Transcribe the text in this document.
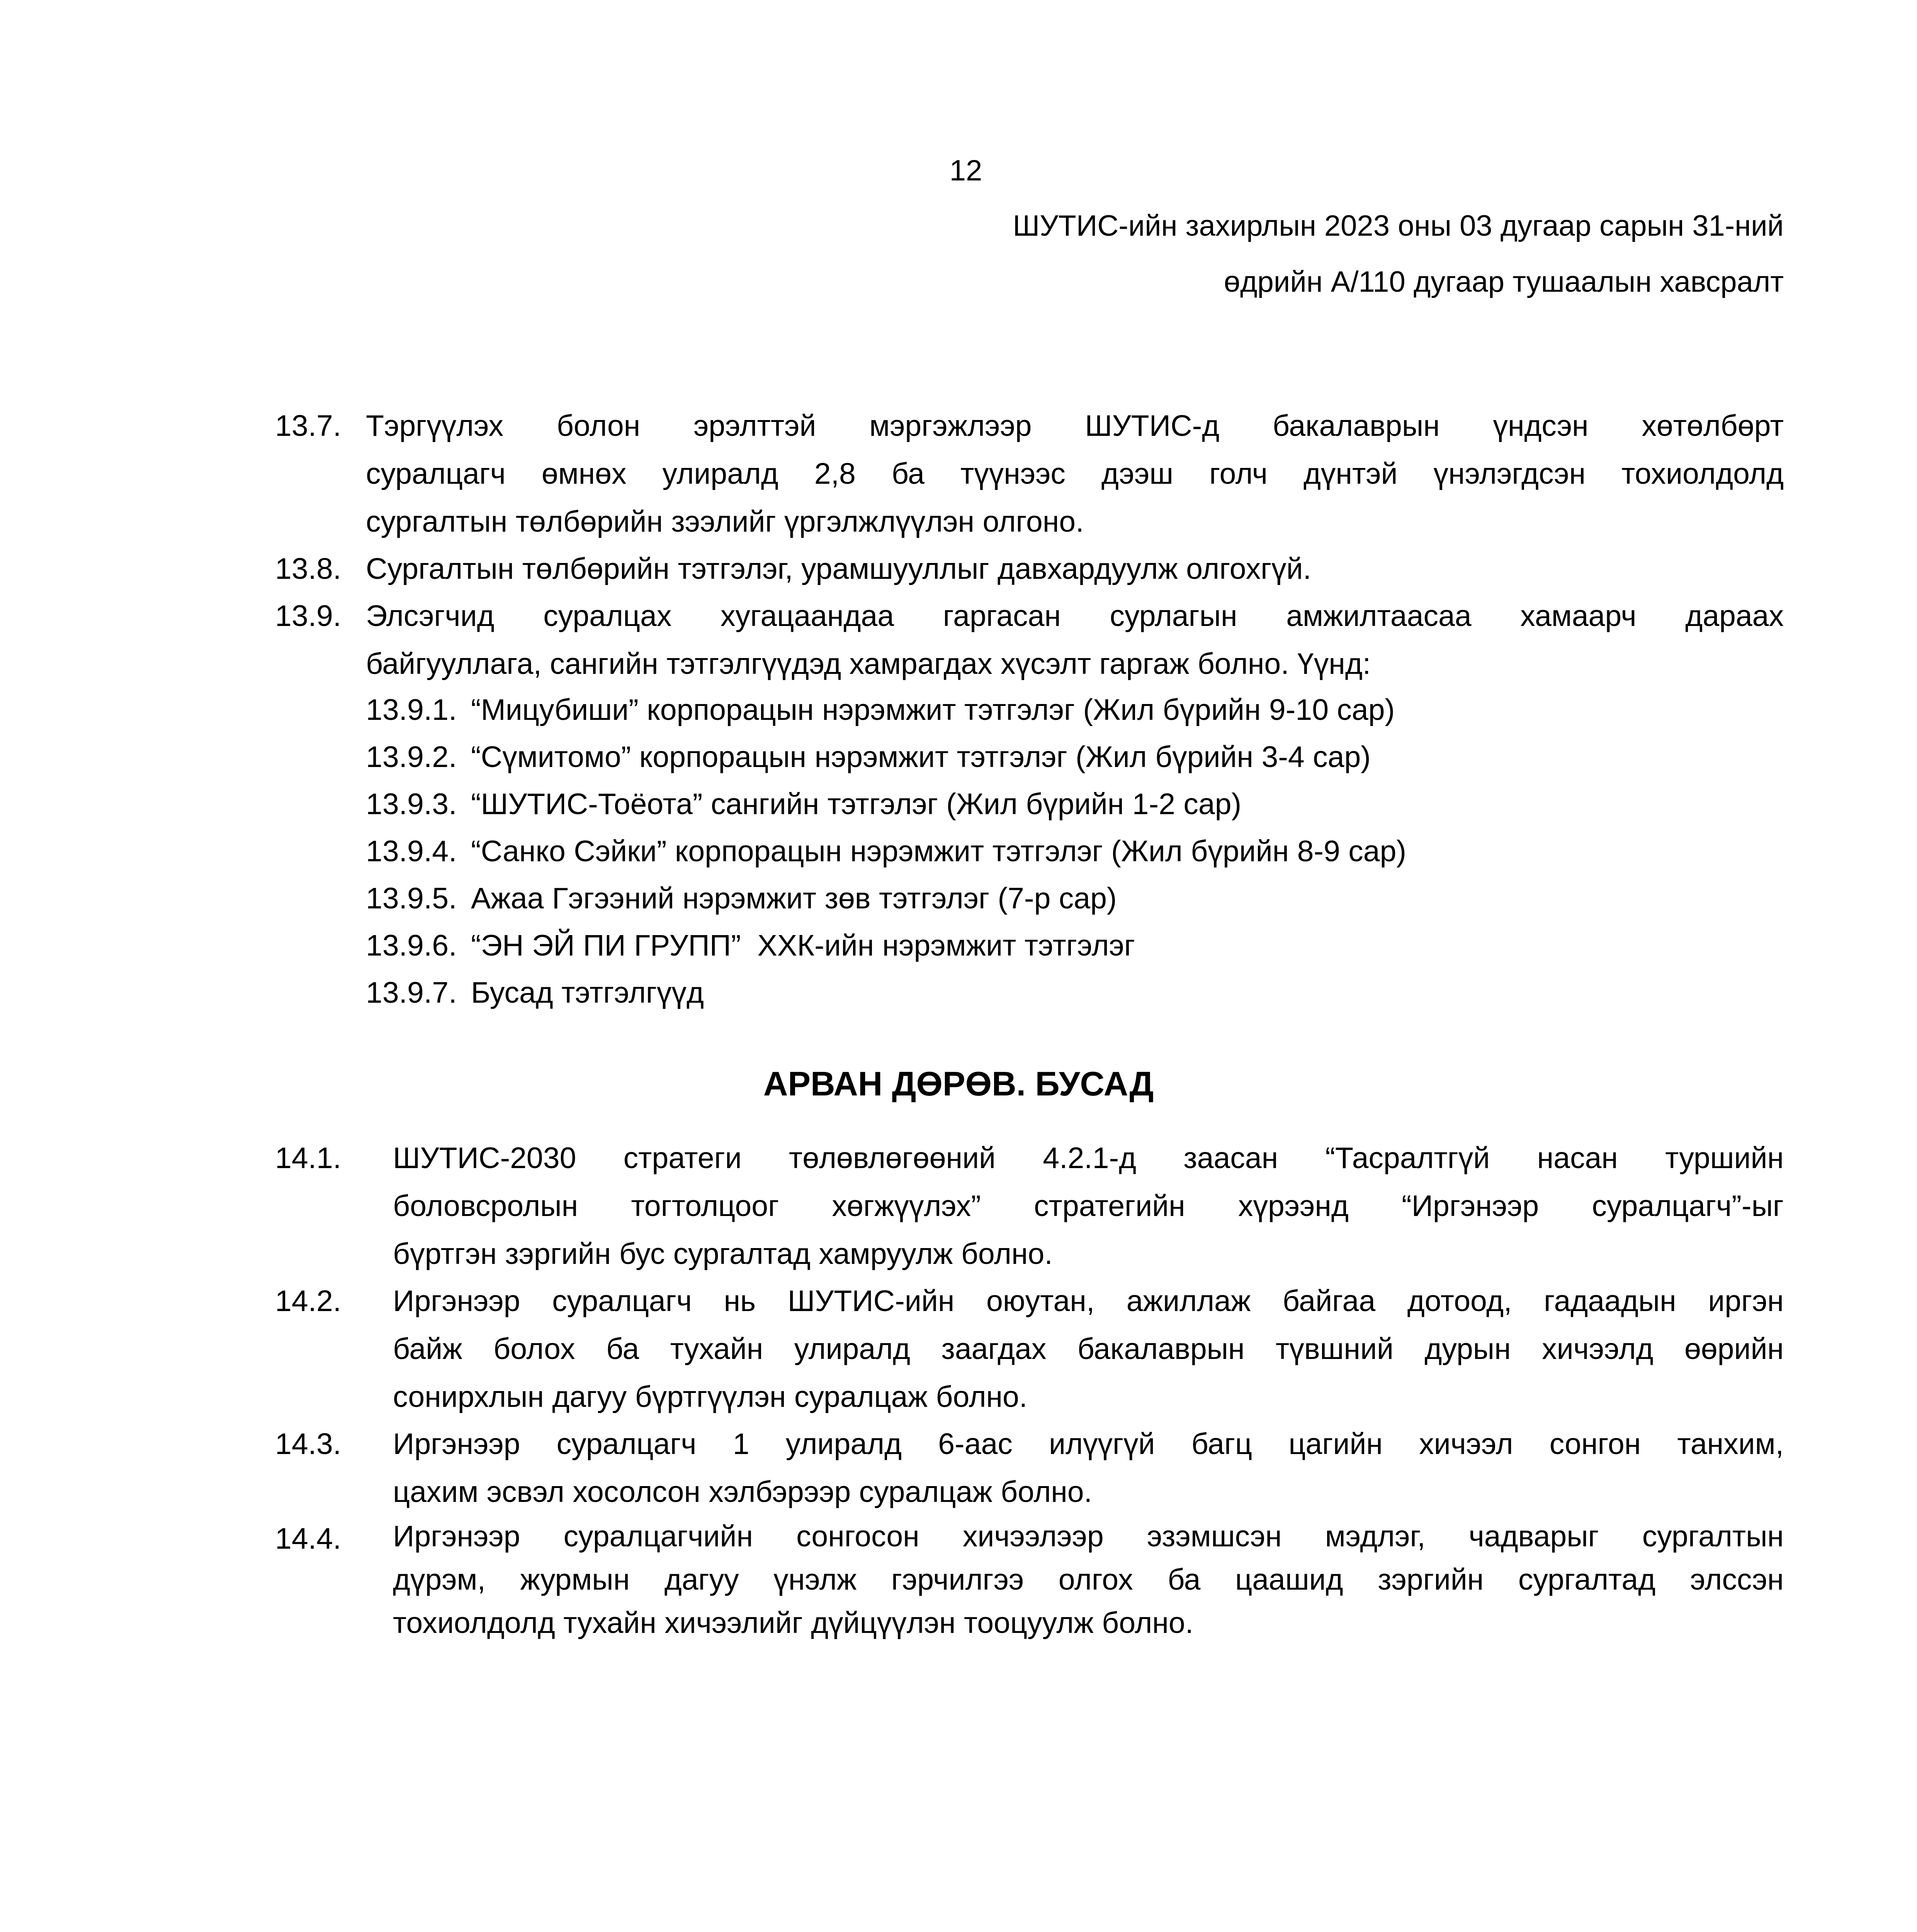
12
ШУТИС-ийн захирлын 2023 оны 03 дугаар сарын 31-ний
өдрийн А/110 дугаар тушаалын хавсралт
13.7. Тэргүүлэх болон эрэлттэй мэргэжлээр ШУТИС-д бакалаврын үндсэн хөтөлбөрт
суралцагч өмнөх улиралд 2,8 ба түүнээс дээш голч дүнтэй үнэлэгдсэн тохиолдолд
сургалтын төлбөрийн зээлийг үргэлжлүүлэн олгоно.
13.8. Сургалтын төлбөрийн тэтгэлэг, урамшууллыг давхардуулж олгохгүй.
13.9. Элсэгчид суралцах хугацаандаа гаргасан сурлагын амжилтаасаа хамаарч дараах
байгууллага, сангийн тэтгэлгүүдэд хамрагдах хүсэлт гаргаж болно. Үүнд:
13.9.1. “Мицубиши” корпорацын нэрэмжит тэтгэлэг (Жил бүрийн 9-10 сар)
13.9.2. “Сүмитомо” корпорацын нэрэмжит тэтгэлэг (Жил бүрийн 3-4 сар)
13.9.3. “ШУТИС-Тоёота” сангийн тэтгэлэг (Жил бүрийн 1-2 сар)
13.9.4. “Санко Сэйки” корпорацын нэрэмжит тэтгэлэг (Жил бүрийн 8-9 сар)
13.9.5. Ажаа Гэгээний нэрэмжит зөв тэтгэлэг (7-р сар)
13.9.6. “ЭН ЭЙ ПИ ГРУПП”  ХХК-ийн нэрэмжит тэтгэлэг
13.9.7. Бусад тэтгэлгүүд
АРВАН ДӨРӨВ. БУСАД
14.1. ШУТИС-2030 стратеги төлөвлөгөөний 4.2.1-д заасан “Тасралтгүй насан туршийн
боловсролын тогтолцоог хөгжүүлэх” стратегийн хүрээнд “Иргэнээр суралцагч”-ыг
бүртгэн зэргийн бус сургалтад хамруулж болно.
14.2. Иргэнээр суралцагч нь ШУТИС-ийн оюутан, ажиллаж байгаа дотоод, гадаадын иргэн
байж болох ба тухайн улиралд заагдах бакалаврын түвшний дурын хичээлд өөрийн
сонирхлын дагуу бүртгүүлэн суралцаж болно.
14.3. Иргэнээр суралцагч 1 улиралд 6-аас илүүгүй багц цагийн хичээл сонгон танхим,
цахим эсвэл хосолсон хэлбэрээр суралцаж болно.
14.4. Иргэнээр суралцагчийн сонгосон хичээлээр эзэмшсэн мэдлэг, чадварыг сургалтын
дүрэм, журмын дагуу үнэлж гэрчилгээ олгох ба цаашид зэргийн сургалтад элссэн
тохиолдолд тухайн хичээлийг дүйцүүлэн тооцуулж болно.
